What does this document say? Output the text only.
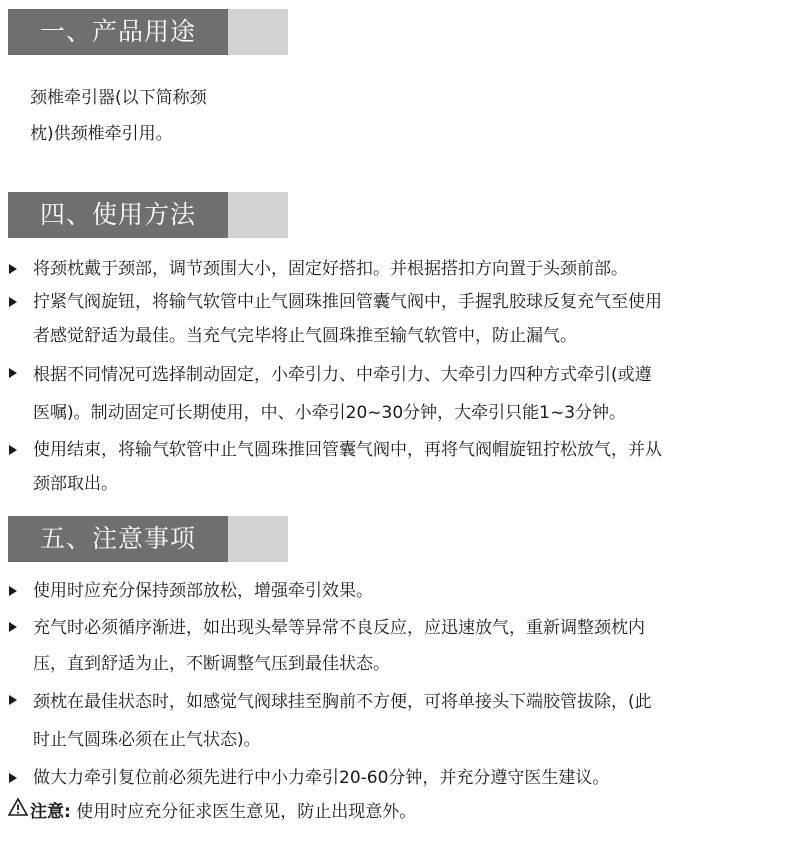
一、产品用途
颈椎牵引器(以下简称颈
枕)供颈椎牵引用。
四、使用方法
将颈枕戴于颈部，调节颈围大小，固定好搭扣。并根据搭扣方向置于头颈前部。
拧紧气阀旋钮，将输气软管中止气圆珠推回管囊气阀中，手握乳胶球反复充气至使用
者感觉舒适为最佳。当充气完毕将止气圆珠推至输气软管中，防止漏气。
根据不同情况可选择制动固定，小牵引力、中牵引力、大牵引力四种方式牵引(或遵
医嘱)。制动固定可长期使用，中、小牵引20~30分钟，大牵引只能1~3分钟。
使用结束，将输气软管中止气圆珠推回管囊气阀中，再将气阀帽旋钮拧松放气，并从
颈部取出。
五、注意事项
使用时应充分保持颈部放松，增强牵引效果。
充气时必须循序渐进，如出现头晕等异常不良反应，应迅速放气，重新调整颈枕内
压，直到舒适为止，不断调整气压到最佳状态。
颈枕在最佳状态时，如感觉气阀球挂至胸前不方便，可将单接头下端胶管拔除，(此
时止气圆珠必须在止气状态)。
做大力牵引复位前必须先进行中小力牵引20-60分钟，并充分遵守医生建议。
注意: 使用时应充分征求医生意见，防止出现意外。
